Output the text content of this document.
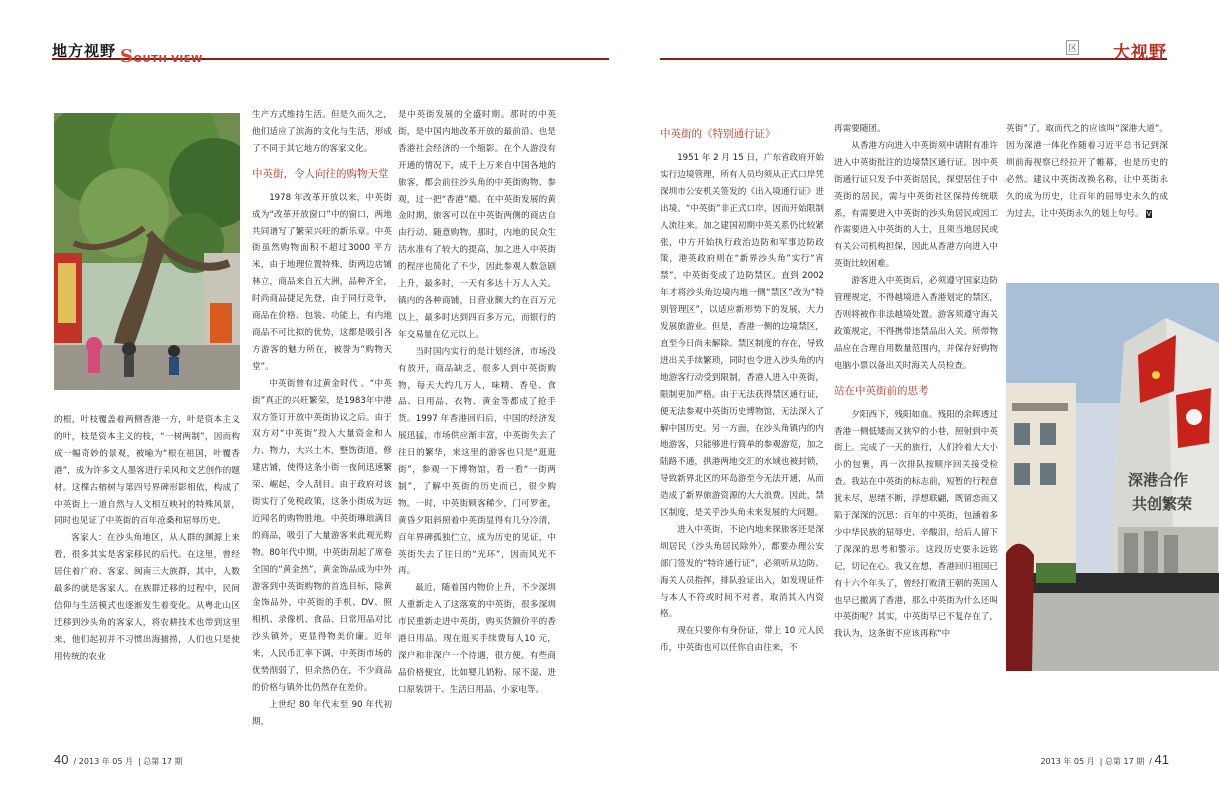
地方视野 SOUTH VIEW

的根，叶枝覆盖着两侧香港一方，叶是资本主义的叶，枝是资本主义的枝，“一树两制”，因而构成一幅奇妙的景观，被喻为“根在祖国，叶覆香港”，成为许多文人墨客进行采风和文艺创作的题材。这棵古榕树与第四号界碑形影相依，构成了中英街上一道自然与人文相互映衬的特殊风景，同时也见证了中英街的百年沧桑和屈辱历史。

客家人：在沙头角地区，从人群的渊源上来看，很多其实是客家移民的后代。在这里，曾经居住着广府、客家、闽南三大族群，其中，人数最多的就是客家人。在族群迁移的过程中，民间信仰与生活模式也逐渐发生着变化。从粤北山区迁移到沙头角的客家人，将农耕技术也带到这里来，他们起初并不习惯出海捕捞，人们也只是使用传统的农业

生产方式维持生活。但是久而久之，他们适应了滨海的文化与生活，形成了不同于其它地方的客家文化。

中英街，令人向往的购物天堂

1978 年改革开放以来，中英街成为“改革开放窗口”中的窗口，两地共同谱写了繁荣兴旺的新乐章。中英街虽然购物面积不超过3000 平方米，由于地理位置特殊，街两边店铺林立，商品来自五大洲，品种齐全，时尚商品捷足先登，由于同行竞争，商品在价格、包装、功能上，有内地商品不可比拟的优势，这都是吸引各方游客的魅力所在，被誉为“购物天堂”。

中英街曾有过黄金时代 。“中英街”真正的兴旺繁荣，是1983年中港双方签订开放中英街协议之后。由于双方对“中英街”投入大量资金和人力、物力，大兴土木，整饬街道，修建店铺，使得这条小街一夜间迅速繁荣、崛起，令人刮目。由于政府对该街实行了免税政策，这条小街成为远近闻名的购物胜地。中英街琳琅满目的商品，吸引了大量游客来此观光购物。80年代中期，中英街刮起了席卷全国的“黄金热”，黄金饰品成为中外游客到中英街购物的首选目标，除黄金饰品外，中英街的手机、DV、照相机、录像机、食品、日常用品对比沙头镇外，更显得物美价廉。近年来，人民币汇率下调，中英街市场的优势削弱了，但余热仍在，不少商品的价格与镇外比仍然存在差价。

上世纪 80 年代末至 90 年代初期，

是中英街发展的全盛时期。那时的中英街，是中国内地改革开放的最前沿、也是香港社会经济的一个缩影。在个人游没有开通的情况下，成千上万来自中国各地的旅客，都会前往沙头角的中英街购物、参观，过一把“香港”瘾。在中英街发展的黄金时期，旅客可以在中英街两侧的商店自由行动、随意购物。那时，内地的民众生活水准有了较大的提高，加之进入中英街的程序也简化了不少，因此参观人数急剧上升，最多时，一天有多达十万人入关。镇内的各种商铺，日营业额大约在百万元以上，最多时达到四百多万元，而银行的年交易量在亿元以上。

当时国内实行的是计划经济，市场没有放开，商品缺乏，很多人到中英街购物，每天大约几万人，味精、香皂、食品、日用品、衣物、黄金等都成了抢手货。1997 年香港回归后，中国的经济发展迅猛，市场供应渐丰富，中英街失去了往日的繁华，来这里的游客也只是“逛逛街”，参观一下博物馆，看一看“一街两制”，了解中英街的历史而已，很少购物。一时，中英街顾客稀少，门可罗雀，黄昏夕阳斜照着中英街显得有几分冷清，百年界碑孤独伫立，成为历史的见证，中英街失去了往日的“光环”，因而风光不再。

最近，随着国内物价上升，不少深圳人重新走入了这落寞的中英街，很多深圳市民重新走进中英街，购买货额价平的香港日用品。现在逛买手续费每人10 元，深户和非深户一个待遇，很方便。有些商品价格便宜，比如婴儿奶粉、尿不湿、进口原装饼干、生活日用品、小家电等。

40  / 2013 年 05 月  | 总第 17 期
区 大视野
中英街的《特别通行证》

1951 年 2 月 15 日，广东省政府开始实行边境管理，所有人员均须从正式口岸凭深圳市公安机关签发的《出入境通行证》进出境。“中英街”非正式口岸，因而开始限制人流往来。加之建国初期中英关系仍比较紧张，中方开始执行政治边防和军事边防政策，港英政府则在“新界沙头角”实行“宵禁”，中英街变成了边防禁区。直到 2002 年才将沙头角边境内地一侧“禁区”改为“特别管理区”，以适应新形势下的发展，大力发展旅游业。但是，香港一侧的边境禁区，直至今日尚未解除。禁区制度的存在，导致进出关手续繁琐，同时也令进入沙头角的内地游客行动受到限制，香港人进入中英街，限制更加严格。由于无法获得禁区通行证，便无法参观中英街历史博物馆，无法深入了解中国历史。另一方面，在沙头角镇内的内地游客，只能够进行简单的参观游览，加之陆路不通，拱港两地交汇的水域也被封锁，导致新界北区的环岛游至今无法开通，从而造成了新界旅游资源的大大浪费。因此，禁区制度，是关乎沙头角未来发展的大问题。

进入中英街，不论内地来探旅客还是深圳居民（沙头角居民除外），都要办理公安部门签发的“特许通行证”，必须听从边防、海关人员指挥，排队验证出入，如发现证件与本人不符或时间不对者，取消其入内资格。

现在只要你有身份证，带上 10 元人民币，中英街也可以任你自由往来，不

再需要随团。

从香港方向进入中英街须申请附有准许进入中英街批注的边境禁区通行证。因中英街通行证只发予中英街居民，探望居住于中英街的居民，需与中英街社区保持传统联系，有需要进入中英街的沙头角居民或因工作需要进入中英街的人士，且须当地居民或有关公司机构担保，因此从香港方向进入中英街比较困难。

游客进入中英街后，必须遵守国家边防管理规定，不得越境进入香港划定的禁区，否则将被作非法越境处置。游客须遵守海关政策规定，不得携带违禁品出入关。所带物品应在合理自用数量范围内，并保存好购物电脑小票以备出关时海关人员检查。

站在中英街前的思考

夕阳西下，残阳如血。残阳的余晖透过香港一侧低矮而又狭窄的小巷，照射到中英街上。完成了一天的旅行，人们拎着大大小小的包裹，再一次排队按顺序回关接受检查。我站在中英街的标志前，短暂的行程意犹未尽，思绪不断，浮想联翩，既留恋而又陷于深深的沉思：百年的中英街，包涵着多少中华民族的屈辱史、辛酸泪，给后人留下了深深的思考和警示。这段历史要永远铭记，切记在心。我又在想，香港回归祖国已有十六个年头了，曾经打败清王朝的英国人也早已撤离了香港，那么中英街为什么还叫中英街呢？其实，中英街早已不复存在了，我认为，这条街不应该再称“中

英街”了，取而代之的应该叫“深港大道”。因为深港一体化作随着习近平总书记到深圳前海视察已经拉开了帷幕，也是历史的必然。建议中英街改换名称，让中英街永久的成为历史，让百年的屈辱史永久的成为过去，让中英街永久的划上句号。 V

深港合作
共创繁荣
2013 年 05 月  | 总第 17 期  / 41
